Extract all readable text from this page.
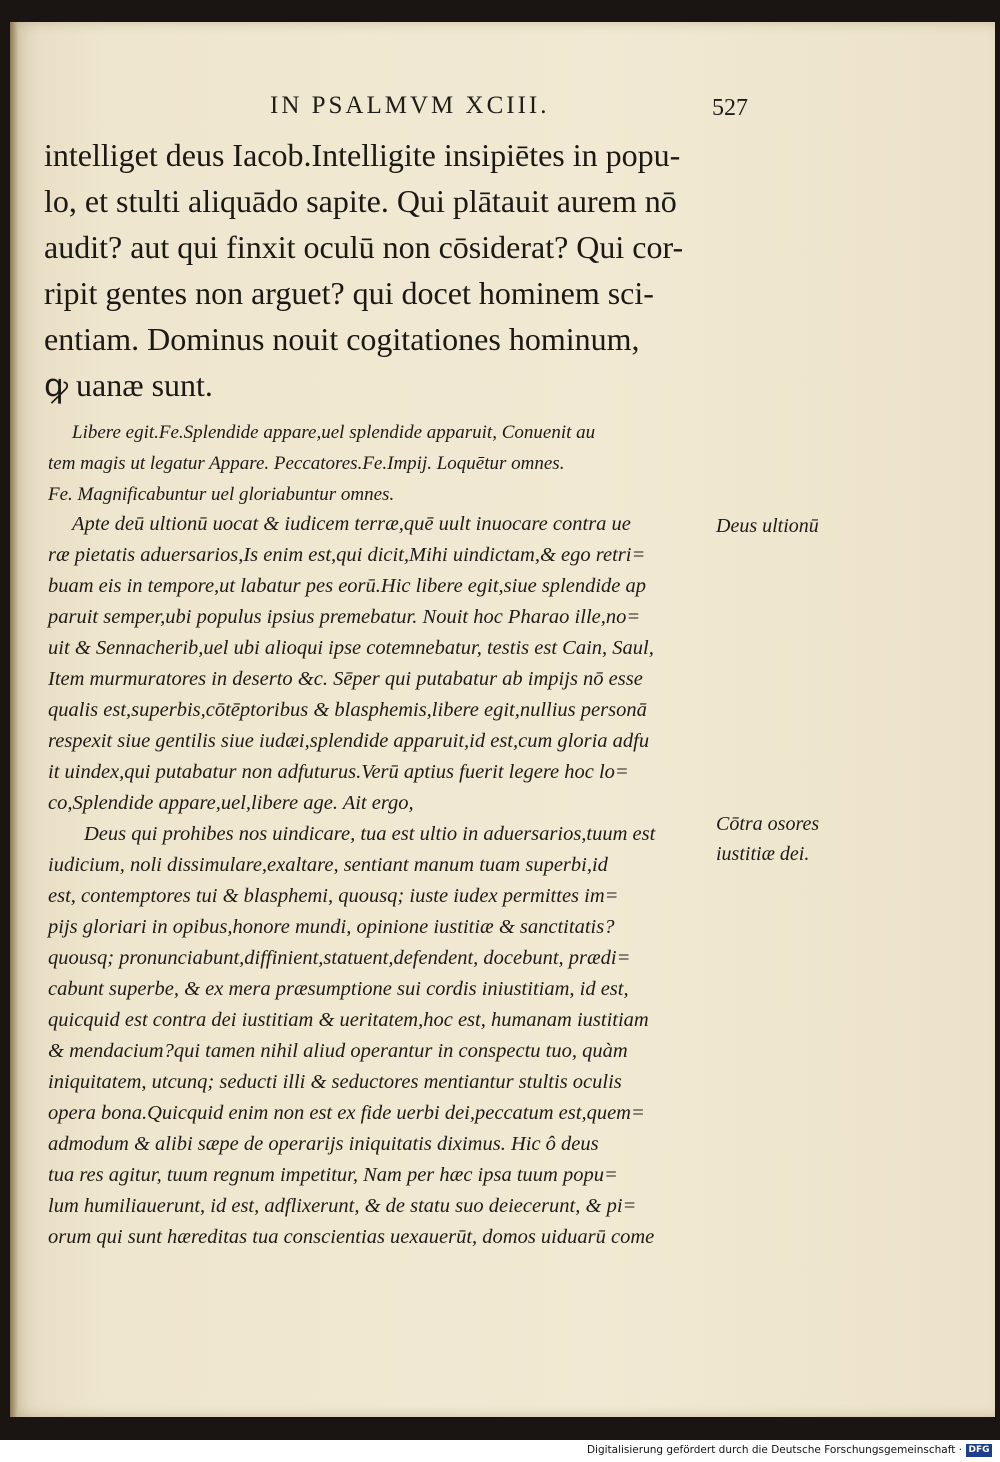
IN PSALMVM XCIII.	527
intelliget deus Iacob.Intelligite insipiētes in popu-
lo, et stulti aliquādo sapite. Qui plātauit aurem nō
audit? aut qui finxit oculū non cōsiderat? Qui cor-
ripit gentes non arguet? qui docet hominem sci-
entiam. Dominus nouit cogitationes hominum,
ꝙ uanæ sunt.
Libere egit.Fe.Splendide appare,uel splendide apparuit, Conuenit au
tem magis ut legatur Appare. Peccatores.Fe.Impij. Loquētur omnes.
Fe. Magnificabuntur uel gloriabuntur omnes.
Apte deū ultionū uocat & iudicem terræ,quē uult inuocare contra ue
ræ pietatis aduersarios,Is enim est,qui dicit,Mihi uindictam,& ego retri=
buam eis in tempore,ut labatur pes eorū.Hic libere egit,siue splendide ap
paruit semper,ubi populus ipsius premebatur. Nouit hoc Pharao ille,no=
uit & Sennacherib,uel ubi alioqui ipse cotemnebatur, testis est Cain, Saul,
Item murmuratores in deserto &c. Sēper qui putabatur ab impijs nō esse
qualis est,superbis,cōtēptoribus & blasphemis,libere egit,nullius personā
respexit siue gentilis siue iudæi,splendide apparuit,id est,cum gloria adfu
it uindex,qui putabatur non adfuturus.Verū aptius fuerit legere hoc lo=
co,Splendide appare,uel,libere age. Ait ergo,
Deus qui prohibes nos uindicare, tua est ultio in aduersarios,tuum est
iudicium, noli dissimulare,exaltare, sentiant manum tuam superbi,id
est, contemptores tui & blasphemi, quousq; iuste iudex permittes im=
pijs gloriari in opibus,honore mundi, opinione iustitiæ & sanctitatis?
quousq; pronunciabunt,diffinient,statuent,defendent, docebunt, prædi=
cabunt superbe, & ex mera præsumptione sui cordis iniustitiam, id est,
quicquid est contra dei iustitiam & ueritatem,hoc est, humanam iustitiam
& mendacium?qui tamen nihil aliud operantur in conspectu tuo, quàm
iniquitatem, utcunq; seducti illi & seductores mentiantur stultis oculis
opera bona.Quicquid enim non est ex fide uerbi dei,peccatum est,quem=
admodum & alibi sæpe de operarijs iniquitatis diximus. Hic ô deus
tua res agitur, tuum regnum impetitur, Nam per hæc ipsa tuum popu=
lum humiliauerunt, id est, adflixerunt, & de statu suo deiecerunt, & pi=
orum qui sunt hæreditas tua conscientias uexauerūt, domos uiduarū come
Deus ultionū
Cōtra osores
iustitiæ dei.
Digitalisierung gefördert durch die Deutsche Forschungsgemeinschaft · DFG
